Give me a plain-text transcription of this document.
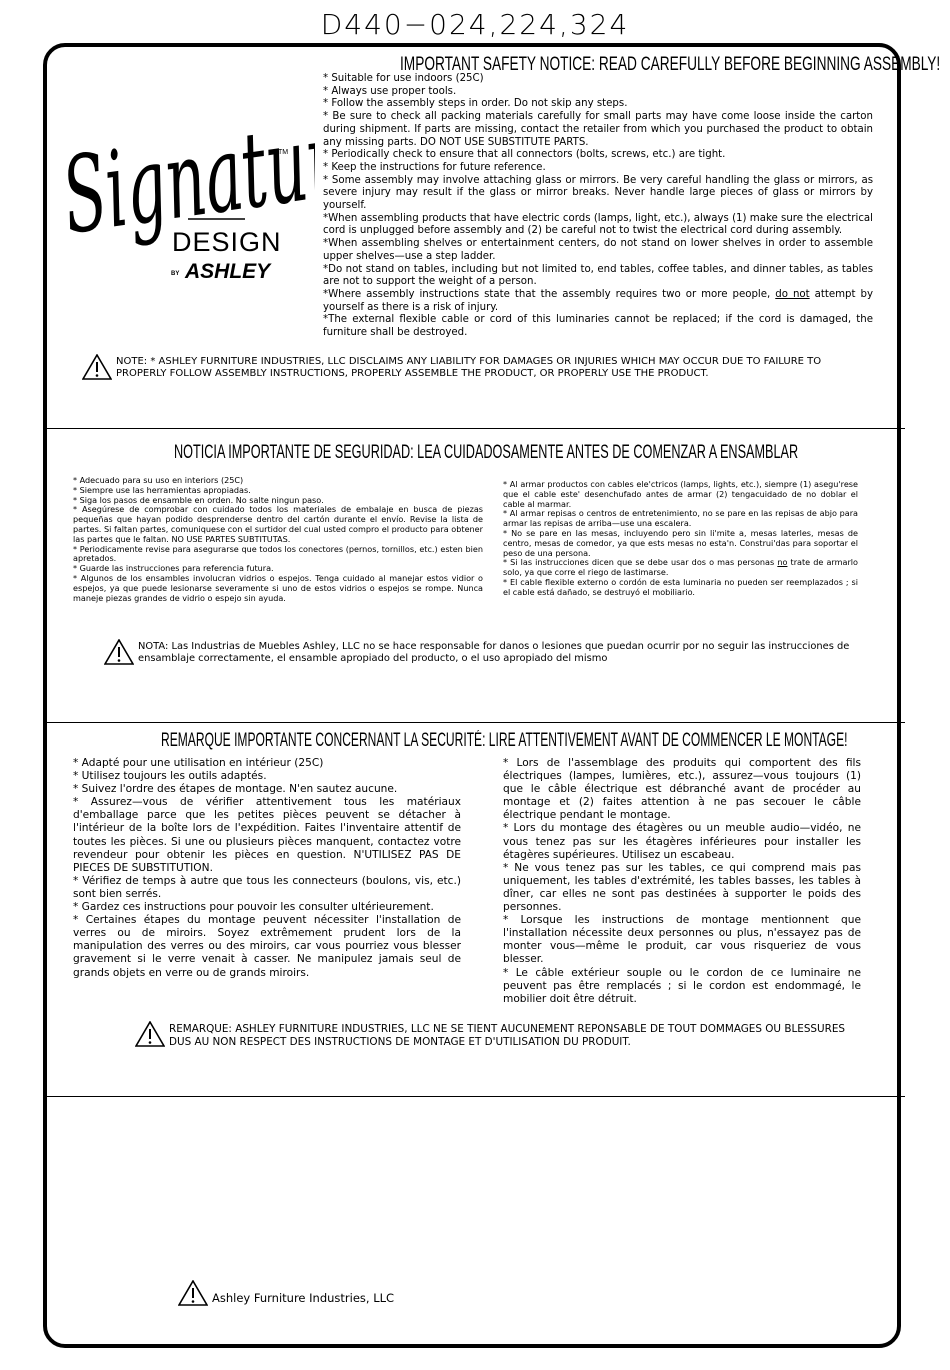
D440−024,224,324
Signature
TM
DESIGN
BY ASHLEY
IMPORTANT SAFETY NOTICE: READ CAREFULLY BEFORE BEGINNING ASSEMBLY!

* Suitable for use indoors (25C)

* Always use proper tools.

* Follow the assembly steps in order. Do not skip any steps.

* Be sure to check all packing materials carefully for small parts may have come loose inside the carton during shipment. If parts are missing, contact the retailer from which you purchased the product to obtain any missing parts. DO NOT USE SUBSTITUTE PARTS.

* Periodically check to ensure that all connectors (bolts, screws, etc.) are tight.

* Keep the instructions for future reference.

* Some assembly may involve attaching glass or mirrors. Be very careful handling the glass or mirrors, as severe injury may result if the glass or mirror breaks. Never handle large pieces of glass or mirrors by yourself.

*When assembling products that have electric cords (lamps, light, etc.), always (1) make sure the electrical cord is unplugged before assembly and (2) be careful not to twist the electrical cord during assembly.

*When assembling shelves or entertainment centers, do not stand on lower shelves in order to assemble upper shelves—use a step ladder.

*Do not stand on tables, including but not limited to, end tables, coffee tables, and dinner tables, as tables are not to support the weight of a person.

*Where assembly instructions state that the assembly requires two or more people, do not attempt by yourself as there is a risk of injury.

*The external flexible cable or cord of this luminaries cannot be replaced; if the cord is damaged, the furniture shall be destroyed.

NOTE: * ASHLEY FURNITURE INDUSTRIES, LLC DISCLAIMS ANY LIABILITY FOR DAMAGES OR INJURIES WHICH MAY OCCUR DUE TO FAILURE TO PROPERLY FOLLOW ASSEMBLY INSTRUCTIONS, PROPERLY ASSEMBLE THE PRODUCT, OR PROPERLY USE THE PRODUCT.
NOTICIA IMPORTANTE DE SEGURIDAD: LEA CUIDADOSAMENTE ANTES DE COMENZAR A ENSAMBLAR

* Adecuado para su uso en interiors (25C)

* Siempre use las herramientas apropiadas.

* Siga los pasos de ensamble en orden. No salte ningun paso.

* Asegúrese de comprobar con cuidado todos los materiales de embalaje en busca de piezas pequeñas que hayan podido desprenderse dentro del cartón durante el envío. Revise la lista de partes. Si faltan partes, comuniquese con el surtidor del cual usted compro el producto para obtener las partes que le faltan. NO USE PARTES SUBTITUTAS.

* Periodicamente revise para asegurarse que todos los conectores (pernos, tornillos, etc.) esten bien apretados.

* Guarde las instrucciones para referencia futura.

* Algunos de los ensambles involucran vidrios o espejos. Tenga cuidado al manejar estos vidior o espejos, ya que puede lesionarse severamente si uno de estos vidrios o espejos se rompe. Nunca maneje piezas grandes de vidrio o espejo sin ayuda.

* Al armar productos con cables ele'ctricos (lamps, lights, etc.), siempre (1) asegu'rese que el cable este' desenchufado antes de armar (2) tengacuidado de no doblar el cable al marmar.

* Al armar repisas o centros de entretenimiento, no se pare en las repisas de abjo para armar las repisas de arriba—use una escalera.

* No se pare en las mesas, incluyendo pero sin li'mite a, mesas laterles, mesas de centro, mesas de comedor, ya que ests mesas no esta'n. Construi'das para soportar el peso de una persona.

* Si las instrucciones dicen que se debe usar dos o mas personas no trate de armarlo solo, ya que corre el riego de lastimarse.

* El cable flexible externo o cordón de esta luminaria no pueden ser reemplazados ; si el cable está dañado, se destruyó el mobiliario.

NOTA: Las Industrias de Muebles Ashley, LLC no se hace responsable for danos o lesiones que puedan ocurrir por no seguir las instrucciones de ensamblaje correctamente, el ensamble apropiado del producto, o el uso apropiado del mismo
REMARQUE IMPORTANTE CONCERNANT LA SECURITÉ: LIRE ATTENTIVEMENT AVANT DE COMMENCER LE MONTAGE!

* Adapté pour une utilisation en intérieur (25C)

* Utilisez toujours les outils adaptés.

* Suivez l'ordre des étapes de montage. N'en sautez aucune.

* Assurez—vous de vérifier attentivement tous les matériaux d'emballage parce que les petites pièces peuvent se détacher à l'intérieur de la boîte lors de l'expédition. Faites l'inventaire attentif de toutes les pièces. Si une ou plusieurs pièces manquent, contactez votre revendeur pour obtenir les pièces en question. N'UTILISEZ PAS DE PIECES DE SUBSTITUTION.

* Vérifiez de temps à autre que tous les connecteurs (boulons, vis, etc.) sont bien serrés.

* Gardez ces instructions pour pouvoir les consulter ultérieurement.

* Certaines étapes du montage peuvent nécessiter l'installation de verres ou de miroirs. Soyez extrêmement prudent lors de la manipulation des verres ou des miroirs, car vous pourriez vous blesser gravement si le verre venait à casser. Ne manipulez jamais seul de grands objets en verre ou de grands miroirs.

* Lors de l'assemblage des produits qui comportent des fils électriques (lampes, lumières, etc.), assurez—vous toujours (1) que le câble électrique est débranché avant de procéder au montage et (2) faites attention à ne pas secouer le câble électrique pendant le montage.

* Lors du montage des étagères ou un meuble audio—vidéo, ne vous tenez pas sur les étagères inférieures pour installer les étagères supérieures. Utilisez un escabeau.

* Ne vous tenez pas sur les tables, ce qui comprend mais pas uniquement, les tables d'extrémité, les tables basses, les tables à dîner, car elles ne sont pas destinées à supporter le poids des personnes.

* Lorsque les instructions de montage mentionnent que l'installation nécessite deux personnes ou plus, n'essayez pas de monter vous—même le produit, car vous risqueriez de vous blesser.

* Le câble extérieur souple ou le cordon de ce luminaire ne peuvent pas être remplacés ; si le cordon est endommagé, le mobilier doit être détruit.

REMARQUE: ASHLEY FURNITURE INDUSTRIES, LLC NE SE TIENT AUCUNEMENT REPONSABLE DE TOUT DOMMAGES OU BLESSURES DUS AU NON RESPECT DES INSTRUCTIONS DE MONTAGE ET D'UTILISATION DU PRODUIT.
Ashley Furniture Industries, LLC
